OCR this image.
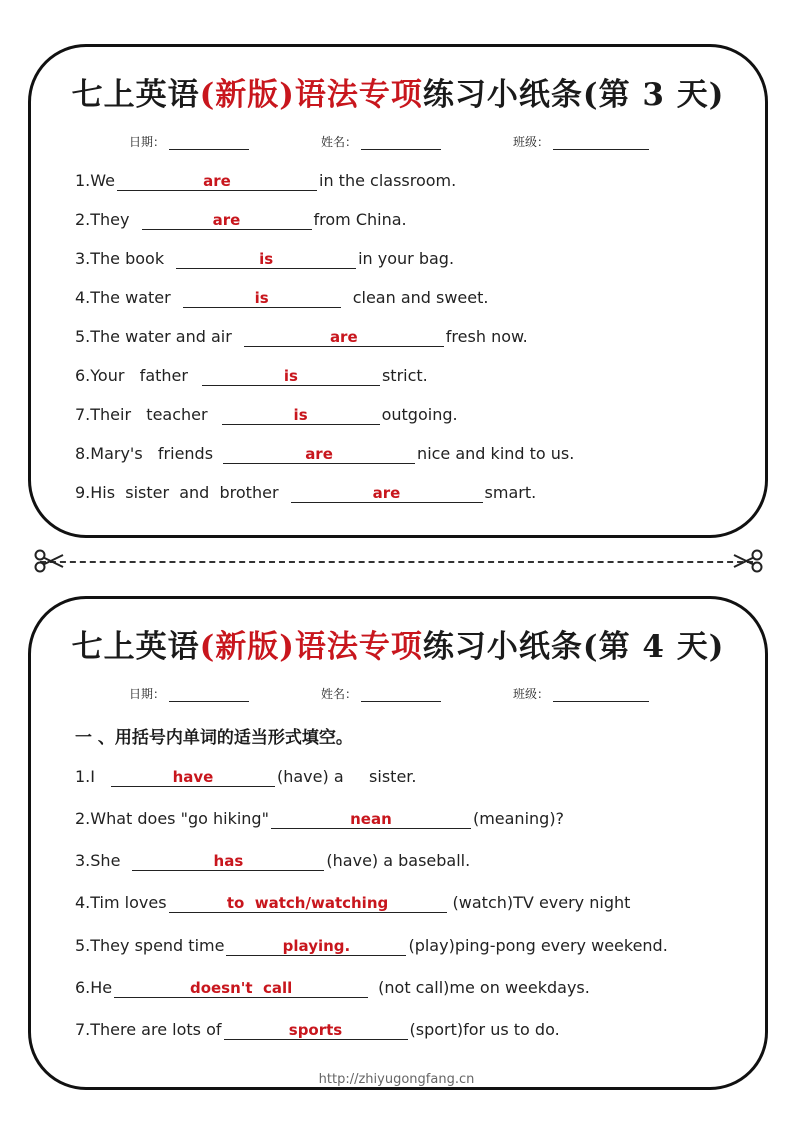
七上英语(新版)语法专项练习小纸条(第 3 天)
日期：	姓名：	班级：
1.We	are	in the classroom.
2.They	are	from China.
3.The book	is	in your bag.
4.The water	is	clean and sweet.
5.The water and air	are	fresh now.
6.Your   father	is	strict.
7.Their   teacher	is	outgoing.
8.Mary's   friends	are	nice and kind to us.
9.His  sister  and  brother	are	smart.
七上英语(新版)语法专项练习小纸条(第 4 天)
日期：	姓名：	班级：
一 、用括号内单词的适当形式填空。
1.I	have	(have) a     sister.
2.What does "go hiking"	nean	(meaning)?
3.She	has	(have) a baseball.
4.Tim loves	to  watch/watching	(watch)TV every night
5.They spend time	playing.	(play)ping-pong every weekend.
6.He	doesn't  call	(not call)me on weekdays.
7.There are lots of	sports	(sport)for us to do.
http://zhiyugongfang.cn
